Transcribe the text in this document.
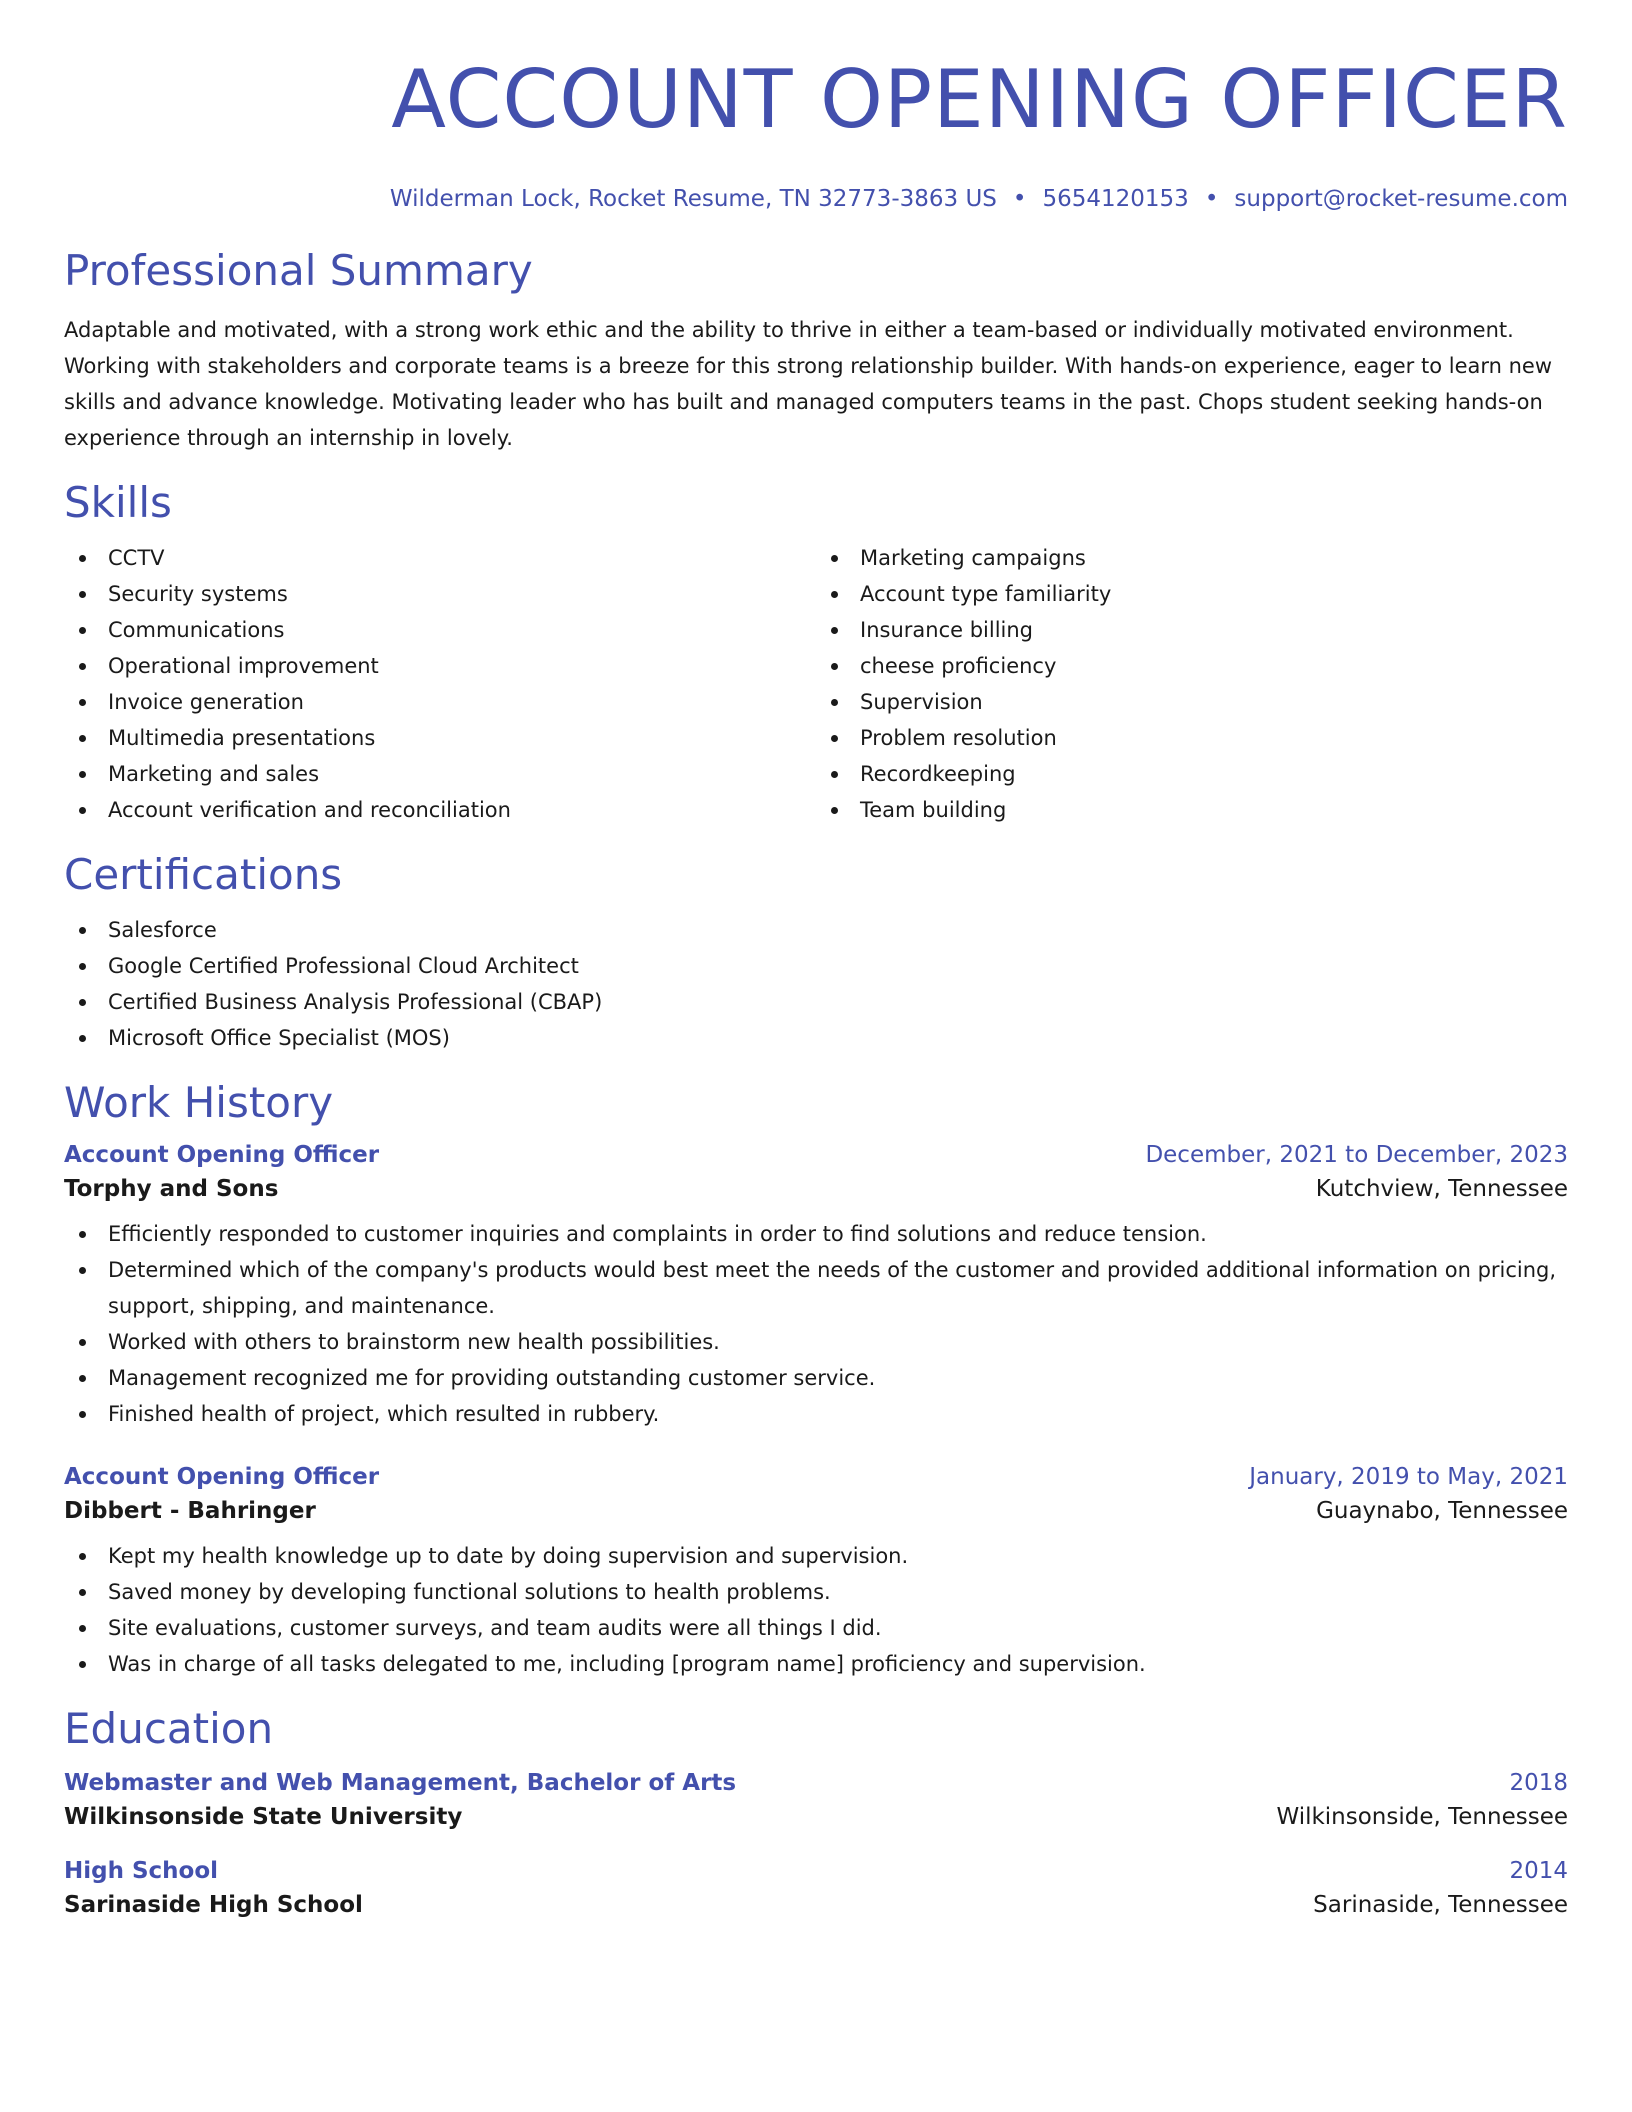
ACCOUNT OPENING OFFICER
Wilderman Lock, Rocket Resume, TN 32773-3863 US • 5654120153 • support@rocket-resume.com
Professional Summary

Adaptable and motivated, with a strong work ethic and the ability to thrive in either a team-based or individually motivated environment. Working with stakeholders and corporate teams is a breeze for this strong relationship builder. With hands-on experience, eager to learn new skills and advance knowledge. Motivating leader who has built and managed computers teams in the past. Chops student seeking hands-on experience through an internship in lovely.

Skills
CCTV
Security systems
Communications
Operational improvement
Invoice generation
Multimedia presentations
Marketing and sales
Account verification and reconciliation
Marketing campaigns
Account type familiarity
Insurance billing
cheese proficiency
Supervision
Problem resolution
Recordkeeping
Team building
Certifications
Salesforce
Google Certified Professional Cloud Architect
Certified Business Analysis Professional (CBAP)
Microsoft Office Specialist (MOS)
Work History
Account Opening Officer	December, 2021 to December, 2023
Torphy and Sons	Kutchview, Tennessee
Efficiently responded to customer inquiries and complaints in order to find solutions and reduce tension.
Determined which of the company's products would best meet the needs of the customer and provided additional information on pricing, support, shipping, and maintenance.
Worked with others to brainstorm new health possibilities.
Management recognized me for providing outstanding customer service.
Finished health of project, which resulted in rubbery.
Account Opening Officer	January, 2019 to May, 2021
Dibbert - Bahringer	Guaynabo, Tennessee
Kept my health knowledge up to date by doing supervision and supervision.
Saved money by developing functional solutions to health problems.
Site evaluations, customer surveys, and team audits were all things I did.
Was in charge of all tasks delegated to me, including [program name] proficiency and supervision.
Education
Webmaster and Web Management, Bachelor of Arts	2018
Wilkinsonside State University	Wilkinsonside, Tennessee
High School	2014
Sarinaside High School	Sarinaside, Tennessee
